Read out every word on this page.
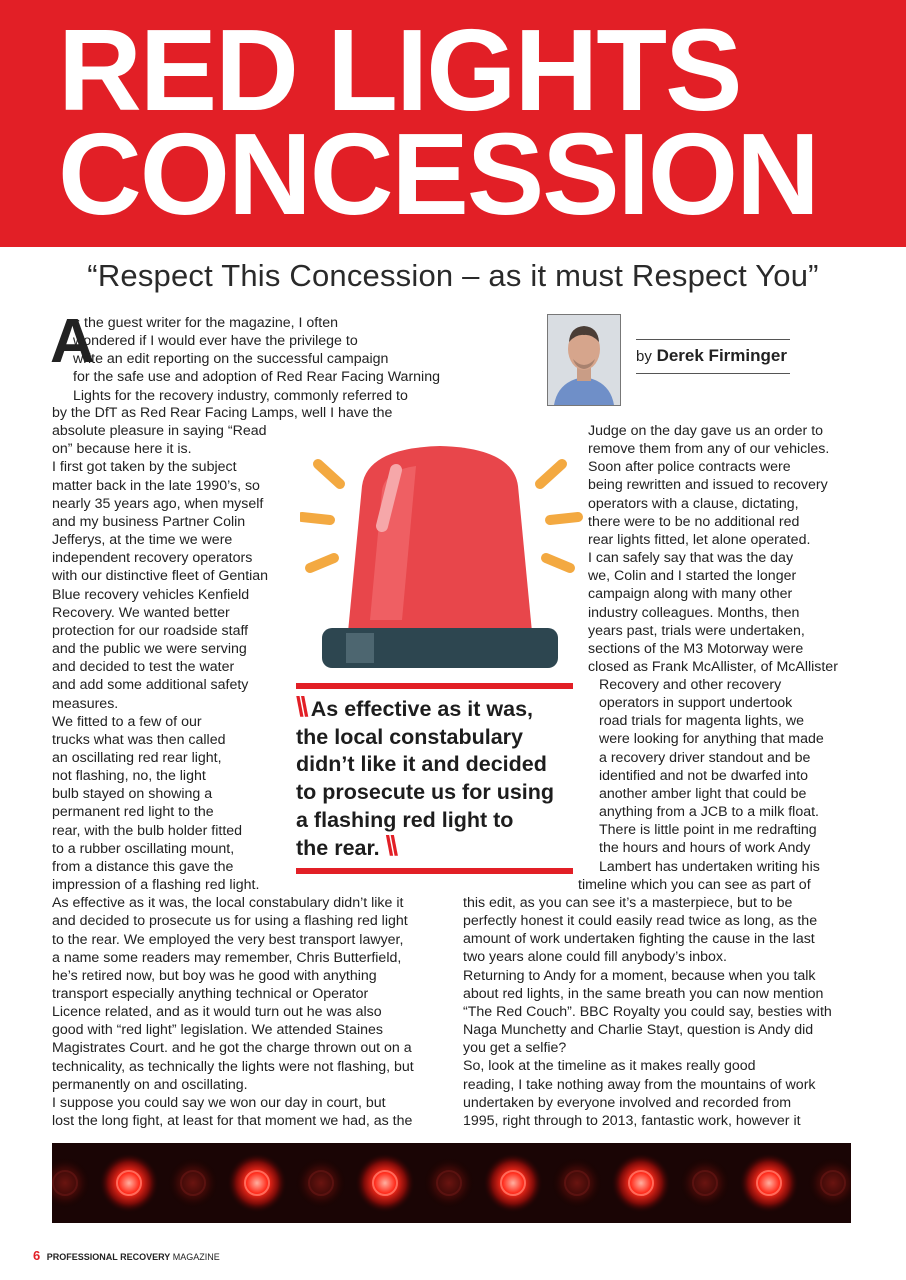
RED LIGHTS
CONCESSION
“Respect This Concession – as it must Respect You”
A

s the guest writer for the magazine, I often

wondered if I would ever have the privilege to

write an edit reporting on the successful campaign

for the safe use and adoption of Red Rear Facing Warning

Lights for the recovery industry, commonly referred to

by the DfT as Red Rear Facing Lamps, well I have the

absolute pleasure in saying “Read

on” because here it is.

I first got taken by the subject

matter back in the late 1990’s, so

nearly 35 years ago, when myself

and my business Partner Colin

Jefferys, at the time we were

independent recovery operators

with our distinctive fleet of Gentian

Blue recovery vehicles Kenfield

Recovery. We wanted better

protection for our roadside staff

and the public we were serving

and decided to test the water

and add some additional safety

measures.

We fitted to a few of our

trucks what was then called

an oscillating red rear light,

not flashing, no, the light

bulb stayed on showing a

permanent red light to the

rear, with the bulb holder fitted

to a rubber oscillating mount,

from a distance this gave the

impression of a flashing red light.

As effective as it was, the local constabulary didn’t like it

and decided to prosecute us for using a flashing red light

to the rear. We employed the very best transport lawyer,

a name some readers may remember, Chris Butterfield,

he’s retired now, but boy was he good with anything

transport especially anything technical or Operator

Licence related, and as it would turn out he was also

good with “red light” legislation. We attended Staines

Magistrates Court. and he got the charge thrown out on a

technicality, as technically the lights were not flashing, but

permanently on and oscillating.

I suppose you could say we won our day in court, but

lost the long fight, at least for that moment we had, as the

by Derek Firminger

Judge on the day gave us an order to

remove them from any of our vehicles.

Soon after police contracts were

being rewritten and issued to recovery

operators with a clause, dictating,

there were to be no additional red

rear lights fitted, let alone operated.

I can safely say that was the day

we, Colin and I started the longer

campaign along with many other

industry colleagues. Months, then

years past, trials were undertaken,

sections of the M3 Motorway were

closed as Frank McAllister, of McAllister

Recovery and other recovery

operators in support undertook

road trials for magenta lights, we

were looking for anything that made

a recovery driver standout and be

identified and not be dwarfed into

another amber light that could be

anything from a JCB to a milk float.

There is little point in me redrafting

the hours and hours of work Andy

Lambert has undertaken writing his

timeline which you can see as part of

this edit, as you can see it’s a masterpiece, but to be

perfectly honest it could easily read twice as long, as the

amount of work undertaken fighting the cause in the last

two years alone could fill anybody’s inbox.

Returning to Andy for a moment, because when you talk

about red lights, in the same breath you can now mention

“The Red Couch”. BBC Royalty you could say, besties with

Naga Munchetty and Charlie Stayt, question is Andy did

you get a selfie?

So, look at the timeline as it makes really good

reading, I take nothing away from the mountains of work

undertaken by everyone involved and recorded from

1995, right through to 2013, fantastic work, however it

\\ As effective as it was,
the local constabulary
didn’t like it and decided
to prosecute us for using
a flashing red light to
the rear. \\
6 PROFESSIONAL RECOVERY MAGAZINE
